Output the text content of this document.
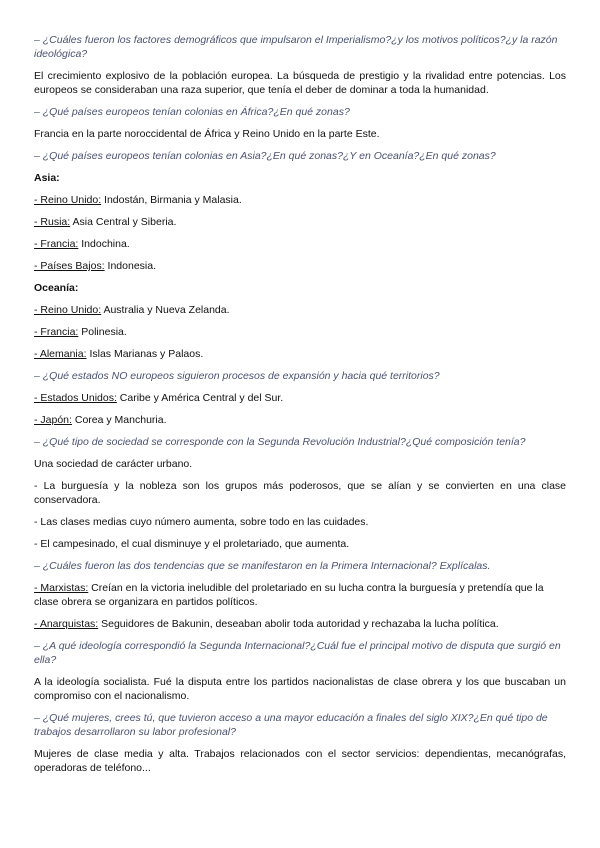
– ¿Cuáles fueron los factores demográficos que impulsaron el Imperialismo?¿y los motivos políticos?¿y la razón ideológica?

El crecimiento explosivo de la población europea. La búsqueda de prestigio y la rivalidad entre potencias. Los europeos se consideraban una raza superior, que tenía el deber de dominar a toda la humanidad.

– ¿Qué países europeos tenían colonias en África?¿En qué zonas?

Francia en la parte noroccidental de África y Reino Unido en la parte Este.

– ¿Qué países europeos tenían colonias en Asia?¿En qué zonas?¿Y en Oceanía?¿En qué zonas?

Asia:

- Reino Unido: Indostán, Birmania y Malasia.

- Rusia: Asia Central y Siberia.

- Francia: Indochina.

- Países Bajos: Indonesia.

Oceanía:

- Reino Unido: Australia y Nueva Zelanda.

- Francia: Polinesia.

- Alemania: Islas Marianas y Palaos.

– ¿Qué estados NO europeos siguieron procesos de expansión y hacia qué territorios?

- Estados Unidos: Caribe y América Central y del Sur.

- Japón: Corea y Manchuria.

– ¿Qué tipo de sociedad se corresponde con la Segunda Revolución Industrial?¿Qué composición tenía?

Una sociedad de carácter urbano.

- La burguesía y la nobleza son los grupos más poderosos, que se alían y se convierten en una clase conservadora.

- Las clases medias cuyo número aumenta, sobre todo en las cuidades.

- El campesinado, el cual disminuye y el proletariado, que aumenta.

– ¿Cuáles fueron las dos tendencias que se manifestaron en la Primera Internacional? Explícalas.

- Marxistas: Creían en la victoria ineludible del proletariado en su lucha contra la burguesía y pretendía que la clase obrera se organizara en partidos políticos.

- Anarquistas: Seguidores de Bakunin, deseaban abolir toda autoridad y rechazaba la lucha política.

– ¿A qué ideología correspondió la Segunda Internacional?¿Cuál fue el principal motivo de disputa que surgió en ella?

A la ideología socialista. Fué la disputa entre los partidos nacionalistas de clase obrera y los que buscaban un compromiso con el nacionalismo.

– ¿Qué mujeres, crees tú, que tuvieron acceso a una mayor educación a finales del siglo XIX?¿En qué tipo de trabajos desarrollaron su labor profesional?

Mujeres de clase media y alta. Trabajos relacionados con el sector servicios: dependientas, mecanógrafas, operadoras de teléfono...
